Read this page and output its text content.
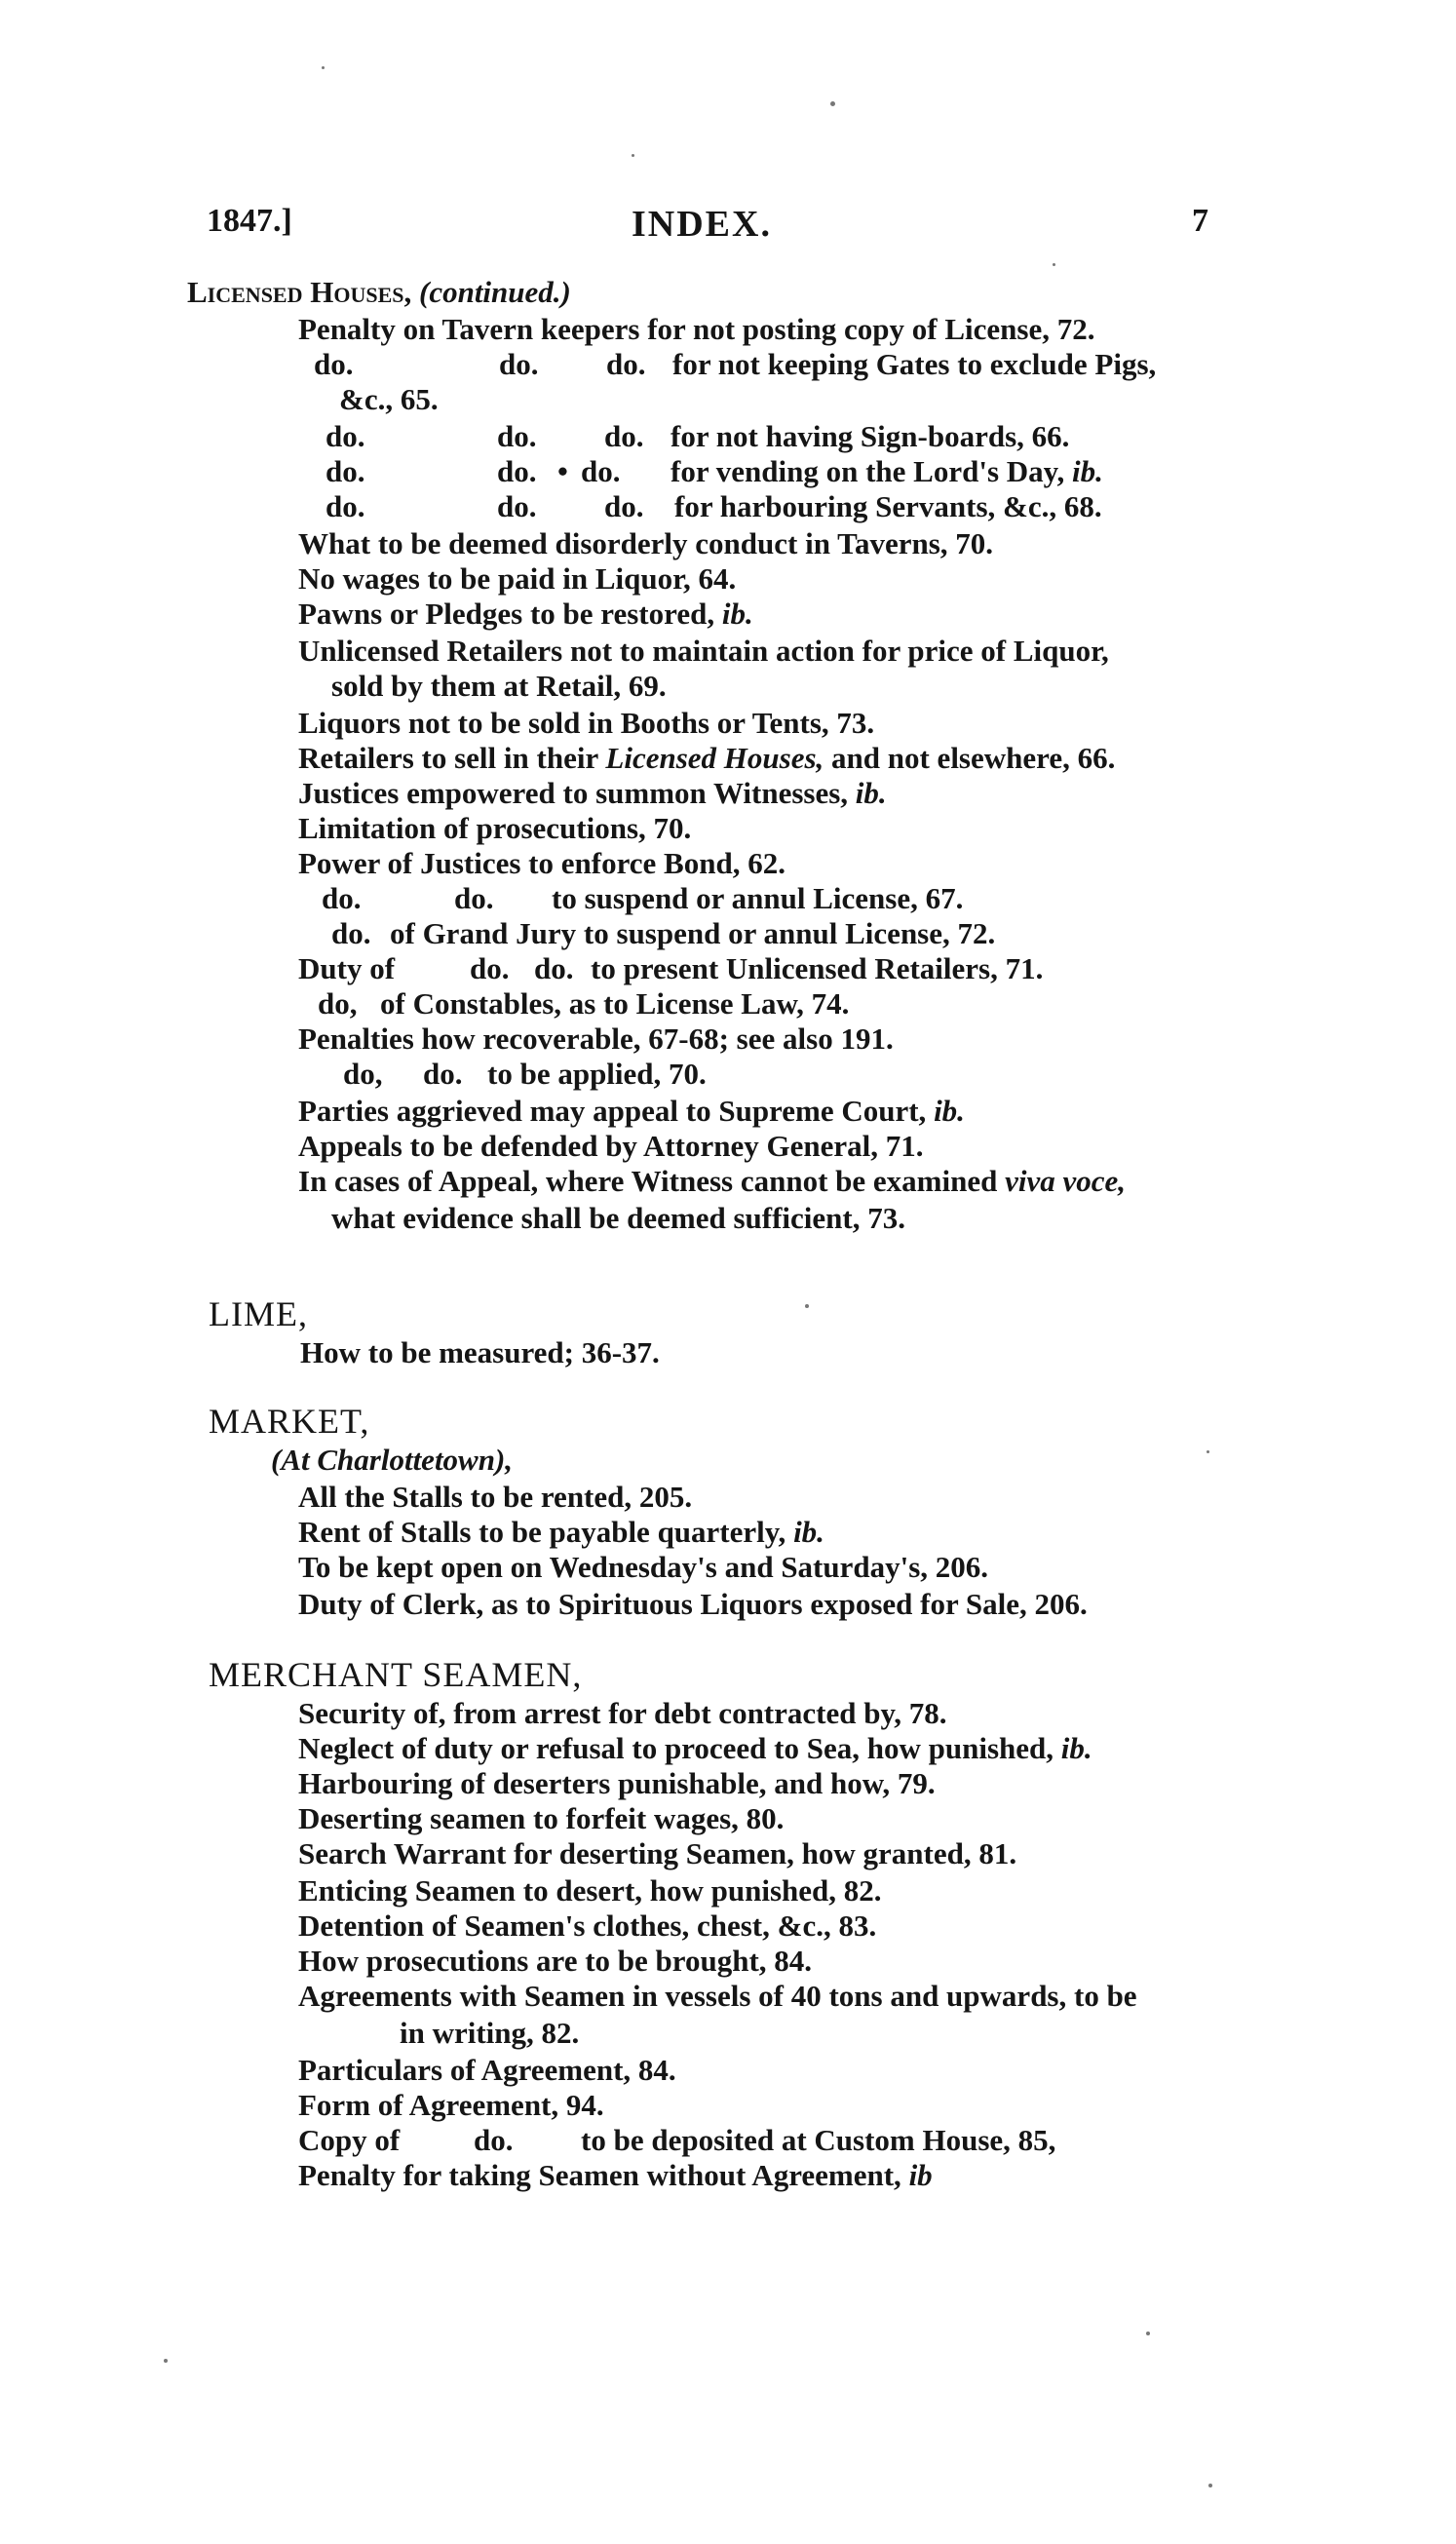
1847.]	INDEX.	7
Licensed Houses, (continued.)
Penalty on Tavern keepers for not posting copy of License, 72.
do.	do. do. for not keeping Gates to exclude Pigs,
&c., 65.
do.	do. do. for not having Sign-boards, 66.
do.	do. • do. for vending on the Lord's Day, ib.
do.	do. do. for harbouring Servants, &c., 68.
What to be deemed disorderly conduct in Taverns, 70.
No wages to be paid in Liquor, 64.
Pawns or Pledges to be restored, ib.
Unlicensed Retailers not to maintain action for price of Liquor,
sold by them at Retail, 69.
Liquors not to be sold in Booths or Tents, 73.
Retailers to sell in their Licensed Houses, and not elsewhere, 66.
Justices empowered to summon Witnesses, ib.
Limitation of prosecutions, 70.
Power of Justices to enforce Bond, 62.
do.	do. to suspend or annul License, 67.
do. of Grand Jury to suspend or annul License, 72.
Duty of do. do. to present Unlicensed Retailers, 71.
do, of Constables, as to License Law, 74.
Penalties how recoverable, 67-68; see also 191.
do, do. to be applied, 70.
Parties aggrieved may appeal to Supreme Court, ib.
Appeals to be defended by Attorney General, 71.
In cases of Appeal, where Witness cannot be examined viva voce,
what evidence shall be deemed sufficient, 73.
LIME,
How to be measured; 36-37.
MARKET,
(At Charlottetown),
All the Stalls to be rented, 205.
Rent of Stalls to be payable quarterly, ib.
To be kept open on Wednesday's and Saturday's, 206.
Duty of Clerk, as to Spirituous Liquors exposed for Sale, 206.
MERCHANT SEAMEN,
Security of, from arrest for debt contracted by, 78.
Neglect of duty or refusal to proceed to Sea, how punished, ib.
Harbouring of deserters punishable, and how, 79.
Deserting seamen to forfeit wages, 80.
Search Warrant for deserting Seamen, how granted, 81.
Enticing Seamen to desert, how punished, 82.
Detention of Seamen's clothes, chest, &c., 83.
How prosecutions are to be brought, 84.
Agreements with Seamen in vessels of 40 tons and upwards, to be
in writing, 82.
Particulars of Agreement, 84.
Form of Agreement, 94.
Copy of do. to be deposited at Custom House, 85,
Penalty for taking Seamen without Agreement, ib
